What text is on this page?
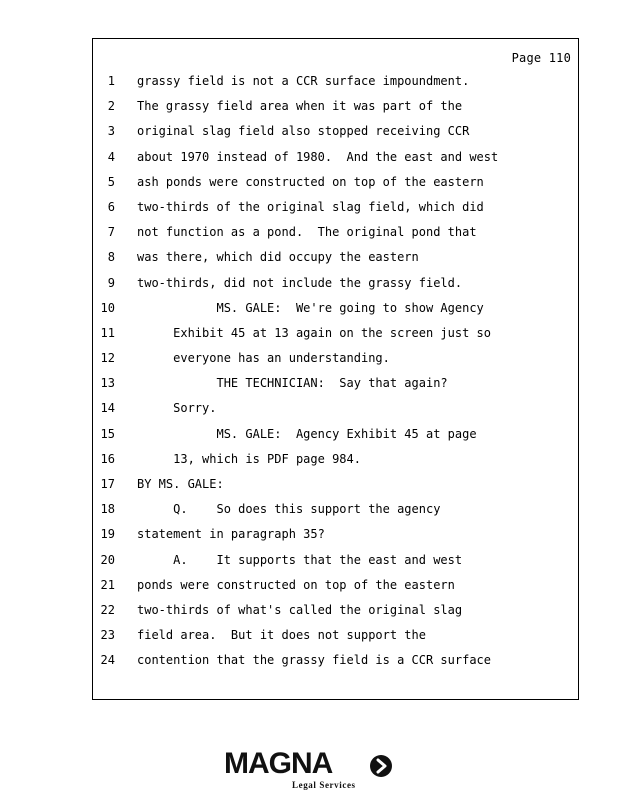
Page 110

1

grassy field is not a CCR surface impoundment.

2

The grassy field area when it was part of the

3

original slag field also stopped receiving CCR

4

about 1970 instead of 1980.  And the east and west

5

ash ponds were constructed on top of the eastern

6

two-thirds of the original slag field, which did

7

not function as a pond.  The original pond that

8

was there, which did occupy the eastern

9

two-thirds, did not include the grassy field.

10

MS. GALE:  We're going to show Agency

11

Exhibit 45 at 13 again on the screen just so

12

everyone has an understanding.

13

THE TECHNICIAN:  Say that again?

14

Sorry.

15

MS. GALE:  Agency Exhibit 45 at page

16

13, which is PDF page 984.

17

BY MS. GALE:

18

Q.    So does this support the agency

19

statement in paragraph 35?

20

A.    It supports that the east and west

21

ponds were constructed on top of the eastern

22

two-thirds of what's called the original slag

23

field area.  But it does not support the

24

contention that the grassy field is a CCR surface

MAGNA
Legal Services
